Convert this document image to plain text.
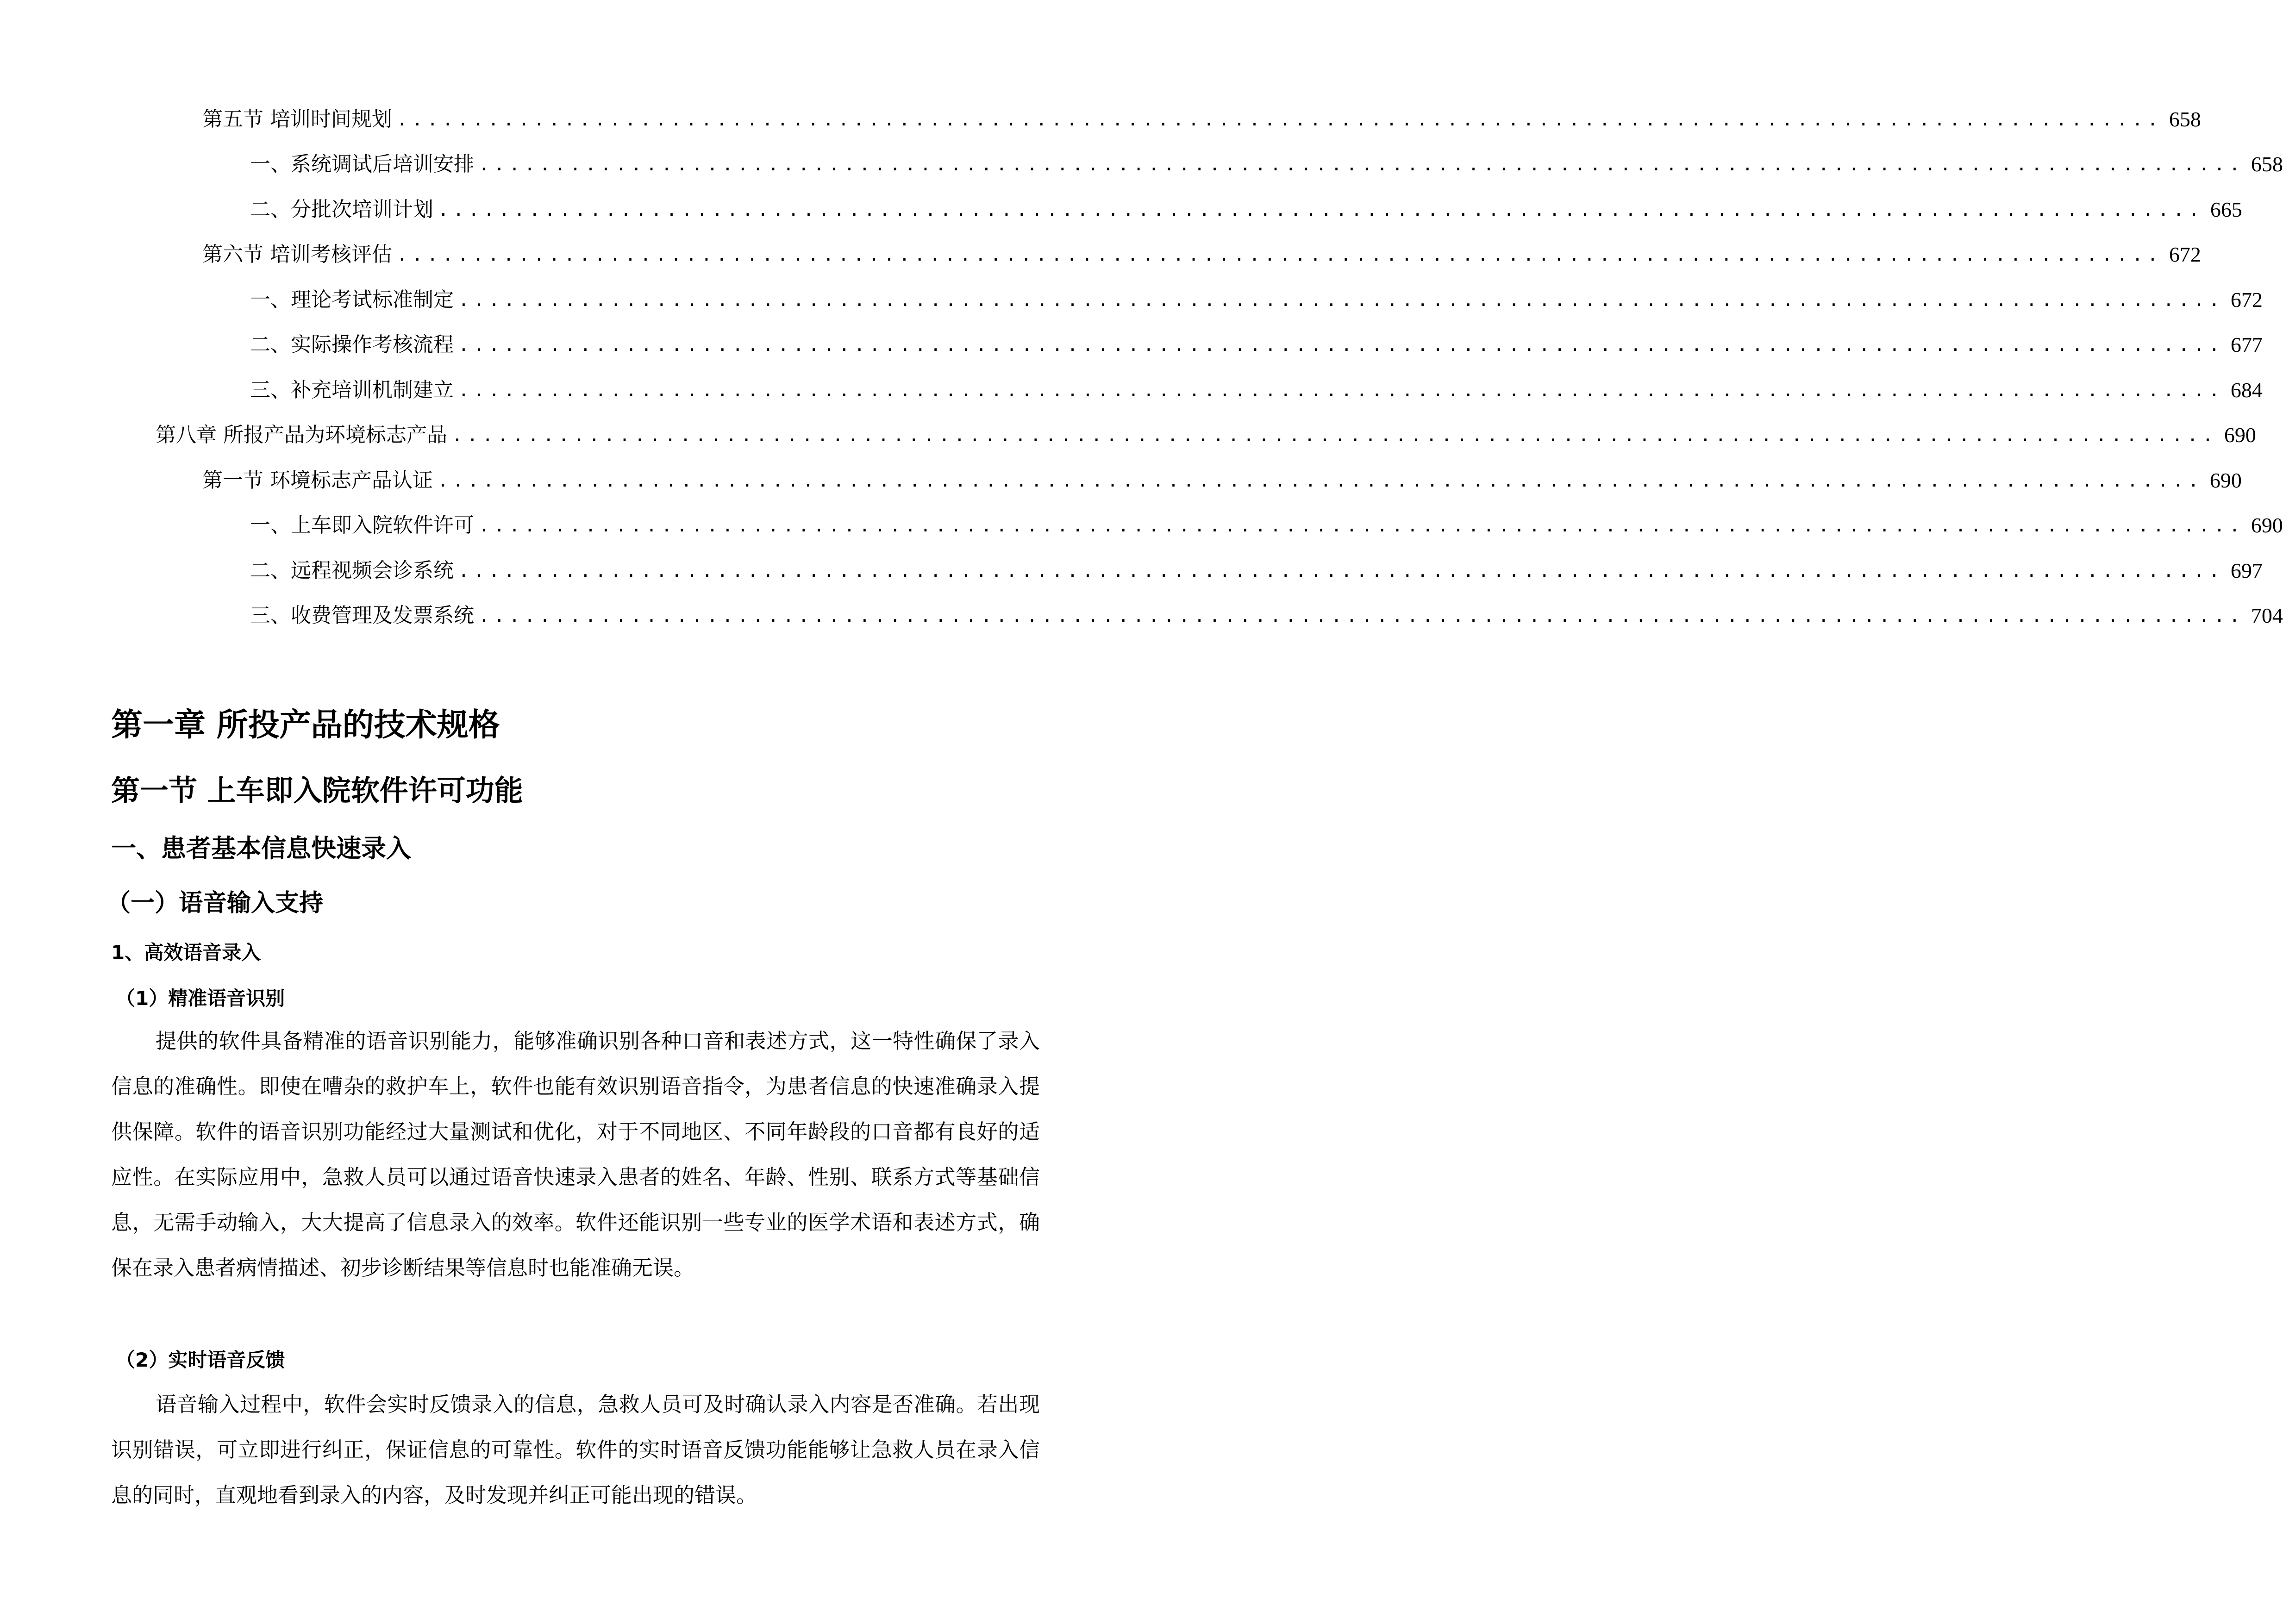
第五节 培训时间规划 .................................................................................................................... 658
一、 系统调试后培训安排 .................................................................................................................... 658
二、 分批次培训计划 .................................................................................................................... 665
第六节 培训考核评估 .................................................................................................................... 672
一、 理论考试标准制定 .................................................................................................................... 672
二、 实际操作考核流程 .................................................................................................................... 677
三、 补充培训机制建立 .................................................................................................................... 684
第八章 所报产品为环境标志产品 .................................................................................................................... 690
第一节 环境标志产品认证 .................................................................................................................... 690
一、 上车即入院软件许可 .................................................................................................................... 690
二、 远程视频会诊系统 .................................................................................................................... 697
三、 收费管理及发票系统 .................................................................................................................... 704
第一章 所投产品的技术规格
第一节 上车即入院软件许可功能
一、患者基本信息快速录入
（一）语音输入支持
1、高效语音录入
（1）精准语音识别

提供的软件具备精准的语音识别能力，能够准确识别各种口音和表述方式，这一特性确保了录入信息的准确性。即使在嘈杂的救护车上，软件也能有效识别语音指令，为患者信息的快速准确录入提供保障。软件的语音识别功能经过大量测试和优化，对于不同地区、不同年龄段的口音都有良好的适应性。在实际应用中，急救人员可以通过语音快速录入患者的姓名、年龄、性别、联系方式等基础信息，无需手动输入，大大提高了信息录入的效率。软件还能识别一些专业的医学术语和表述方式，确保在录入患者病情描述、初步诊断结果等信息时也能准确无误。

（2）实时语音反馈

语音输入过程中，软件会实时反馈录入的信息，急救人员可及时确认录入内容是否准确。若出现识别错误，可立即进行纠正，保证信息的可靠性。软件的实时语音反馈功能能够让急救人员在录入信息的同时，直观地看到录入的内容，及时发现并纠正可能出现的错误。
